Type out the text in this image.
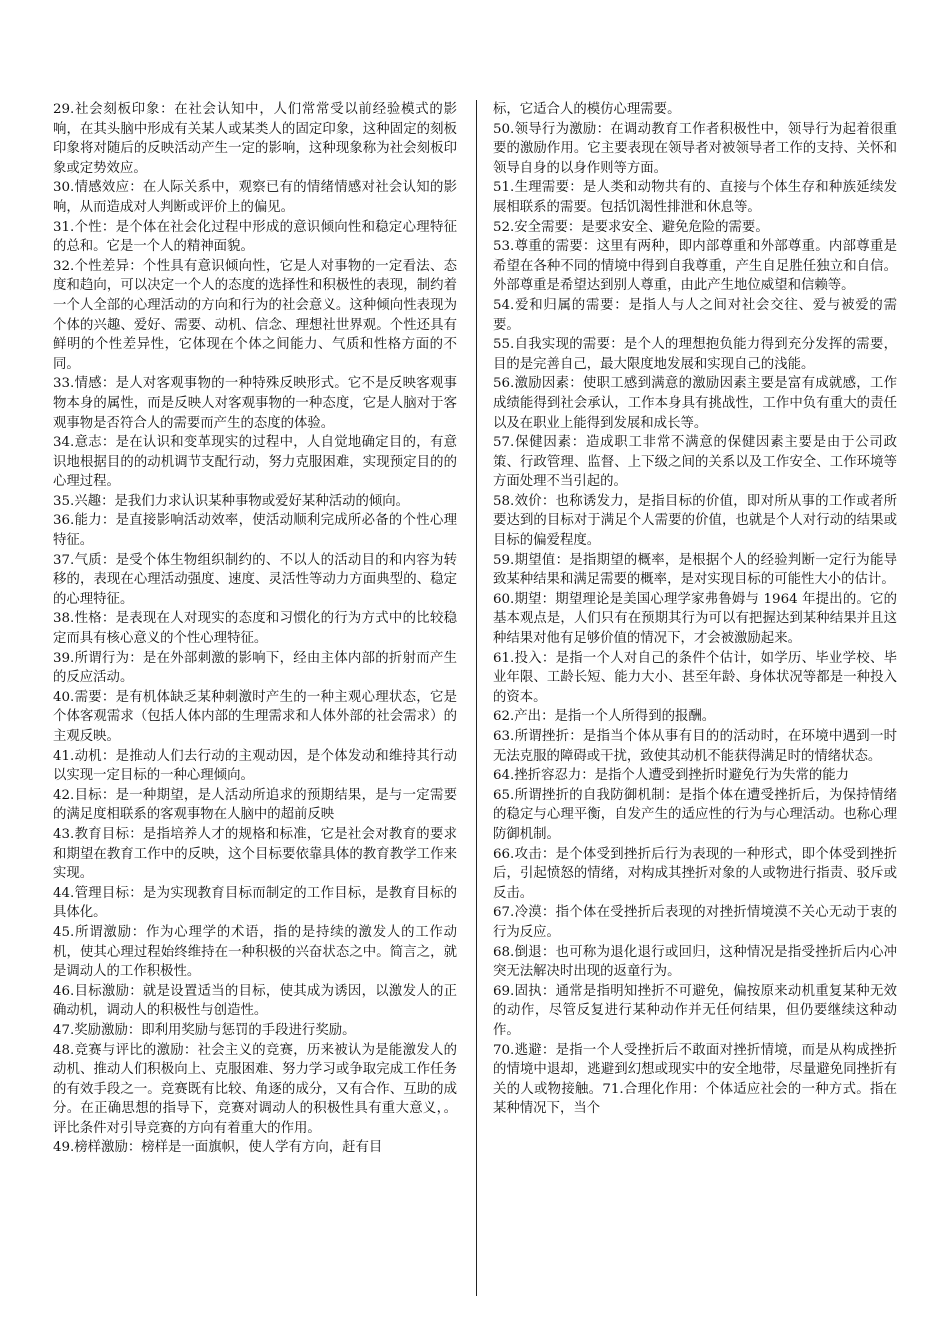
29.社会刻板印象：在社会认知中，人们常常受以前经验模式的影响，在其头脑中形成有关某人或某类人的固定印象，这种固定的刻板印象将对随后的反映活动产生一定的影响，这种现象称为社会刻板印象或定势效应。

30.情感效应：在人际关系中，观察已有的情绪情感对社会认知的影响，从而造成对人判断或评价上的偏见。

31.个性：是个体在社会化过程中形成的意识倾向性和稳定心理特征的总和。它是一个人的精神面貌。

32.个性差异：个性具有意识倾向性，它是人对事物的一定看法、态度和趋向，可以决定一个人的态度的选择性和积极性的表现，制约着一个人全部的心理活动的方向和行为的社会意义。这种倾向性表现为个体的兴趣、爱好、需要、动机、信念、理想社世界观。个性还具有鲜明的个性差异性，它体现在个体之间能力、气质和性格方面的不同。

33.情感：是人对客观事物的一种特殊反映形式。它不是反映客观事物本身的属性，而是反映人对客观事物的一种态度，它是人脑对于客观事物是否符合人的需要而产生的态度的体验。

34.意志：是在认识和变革现实的过程中，人自觉地确定目的，有意识地根据目的的动机调节支配行动，努力克服困难，实现预定目的的心理过程。

35.兴趣：是我们力求认识某种事物或爱好某种活动的倾向。

36.能力：是直接影响活动效率，使活动顺利完成所必备的个性心理特征。

37.气质：是受个体生物组织制约的、不以人的活动目的和内容为转移的，表现在心理活动强度、速度、灵活性等动力方面典型的、稳定的心理特征。

38.性格：是表现在人对现实的态度和习惯化的行为方式中的比较稳定而具有核心意义的个性心理特征。

39.所谓行为：是在外部刺激的影响下，经由主体内部的折射而产生的反应活动。

40.需要：是有机体缺乏某种刺激时产生的一种主观心理状态，它是个体客观需求（包括人体内部的生理需求和人体外部的社会需求）的主观反映。

41.动机：是推动人们去行动的主观动因，是个体发动和维持其行动以实现一定目标的一种心理倾向。

42.目标：是一种期望，是人活动所追求的预期结果，是与一定需要的满足度相联系的客观事物在人脑中的超前反映

43.教育目标：是指培养人才的规格和标准，它是社会对教育的要求和期望在教育工作中的反映，这个目标要依靠具体的教育教学工作来实现。

44.管理目标：是为实现教育目标而制定的工作目标，是教育目标的具体化。

45.所谓激励：作为心理学的术语，指的是持续的激发人的工作动机，使其心理过程始终维持在一种积极的兴奋状态之中。简言之，就是调动人的工作积极性。

46.目标激励：就是设置适当的目标，使其成为诱因，以激发人的正确动机，调动人的积极性与创造性。

47.奖励激励：即利用奖励与惩罚的手段进行奖励。

48.竞赛与评比的激励：社会主义的竞赛，历来被认为是能激发人的动机、推动人们积极向上、克服困难、努力学习或争取完成工作任务的有效手段之一。竞赛既有比较、角逐的成分，又有合作、互助的成分。在正确思想的指导下，竞赛对调动人的积极性具有重大意义，。评比条件对引导竞赛的方向有着重大的作用。

49.榜样激励：榜样是一面旗帜，使人学有方向，赶有目

标，它适合人的模仿心理需要。

50.领导行为激励：在调动教育工作者积极性中，领导行为起着很重要的激励作用。它主要表现在领导者对被领导者工作的支持、关怀和领导自身的以身作则等方面。

51.生理需要：是人类和动物共有的、直接与个体生存和种族延续发展相联系的需要。包括饥渴性排泄和休息等。

52.安全需要：是要求安全、避免危险的需要。

53.尊重的需要：这里有两种，即内部尊重和外部尊重。内部尊重是希望在各种不同的情境中得到自我尊重，产生自足胜任独立和自信。外部尊重是希望达到别人尊重，由此产生地位威望和信赖等。

54.爱和归属的需要：是指人与人之间对社会交往、爱与被爱的需要。

55.自我实现的需要：是个人的理想抱负能力得到充分发挥的需要，目的是完善自己，最大限度地发展和实现自己的浅能。

56.激励因素：使职工感到满意的激励因素主要是富有成就感，工作成绩能得到社会承认，工作本身具有挑战性，工作中负有重大的责任以及在职业上能得到发展和成长等。

57.保健因素：造成职工非常不满意的保健因素主要是由于公司政策、行政管理、监督、上下级之间的关系以及工作安全、工作环境等方面处理不当引起的。

58.效价：也称诱发力，是指目标的价值，即对所从事的工作或者所要达到的目标对于满足个人需要的价值，也就是个人对行动的结果或目标的偏爱程度。

59.期望值：是指期望的概率，是根据个人的经验判断一定行为能导致某种结果和满足需要的概率，是对实现目标的可能性大小的估计。

60.期望：期望理论是美国心理学家弗鲁姆与 1964 年提出的。它的基本观点是，人们只有在预期其行为可以有把握达到某种结果并且这种结果对他有足够价值的情况下，才会被激励起来。

61.投入：是指一个人对自己的条件个估计，如学历、毕业学校、毕业年限、工龄长短、能力大小、甚至年龄、身体状况等都是一种投入的资本。

62.产出：是指一个人所得到的报酬。

63.所谓挫折：是指当个体从事有目的的活动时，在环境中遇到一时无法克服的障碍或干扰，致使其动机不能获得满足时的情绪状态。

64.挫折容忍力：是指个人遭受到挫折时避免行为失常的能力

65.所谓挫折的自我防御机制：是指个体在遭受挫折后，为保持情绪的稳定与心理平衡，自发产生的适应性的行为与心理活动。也称心理防御机制。

66.攻击：是个体受到挫折后行为表现的一种形式，即个体受到挫折后，引起愤怒的情绪，对构成其挫折对象的人或物进行指责、驳斥或反击。

67.冷漠：指个体在受挫折后表现的对挫折情境漠不关心无动于衷的行为反应。

68.倒退：也可称为退化退行或回归，这种情况是指受挫折后内心冲突无法解决时出现的返童行为。

69.固执：通常是指明知挫折不可避免，偏按原来动机重复某种无效的动作，尽管反复进行某种动作并无任何结果，但仍要继续这种动作。

70.逃避：是指一个人受挫折后不敢面对挫折情境，而是从构成挫折的情境中退却，逃避到幻想或现实中的安全地带，尽量避免同挫折有关的人或物接触。71.合理化作用：个体适应社会的一种方式。指在某种情况下，当个
